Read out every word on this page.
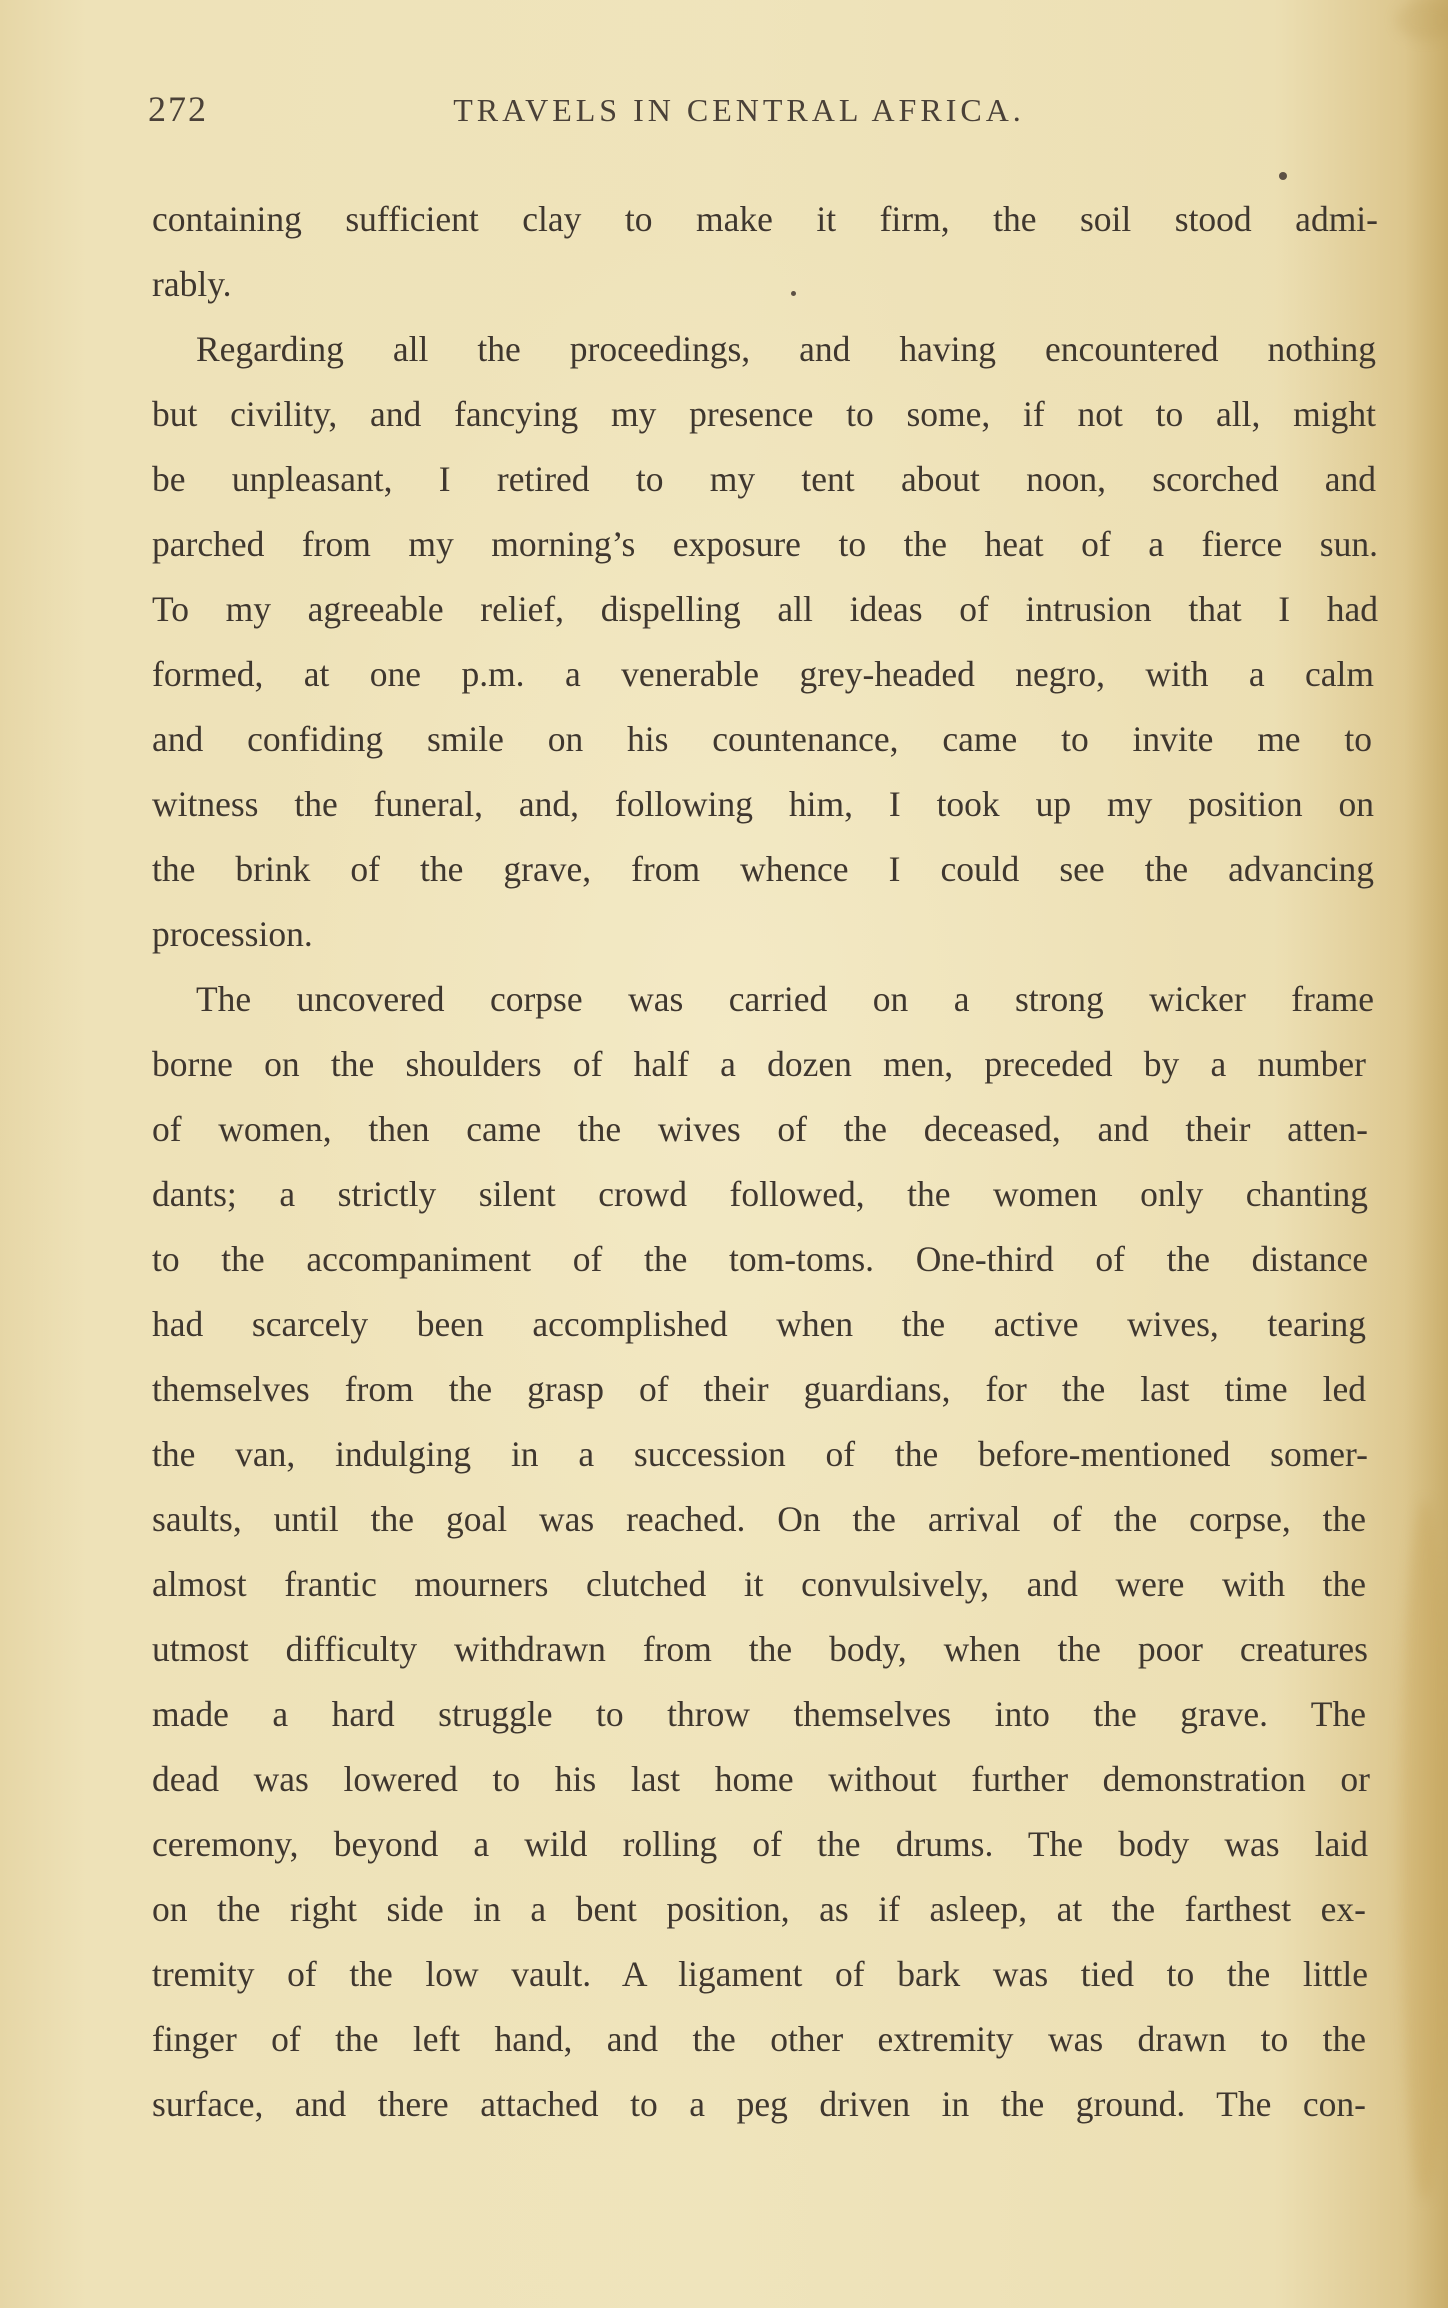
272	TRAVELS IN CENTRAL AFRICA.
containing sufficient clay to make it firm, the soil stood admi-
rably.
Regarding all the proceedings, and having encountered nothing
but civility, and fancying my presence to some, if not to all, might
be unpleasant, I retired to my tent about noon, scorched and
parched from my morning’s exposure to the heat of a fierce sun.
To my agreeable relief, dispelling all ideas of intrusion that I had
formed, at one p.m. a venerable grey-headed negro, with a calm
and confiding smile on his countenance, came to invite me to
witness the funeral, and, following him, I took up my position on
the brink of the grave, from whence I could see the advancing
procession.
The uncovered corpse was carried on a strong wicker frame
borne on the shoulders of half a dozen men, preceded by a number
of women, then came the wives of the deceased, and their atten-
dants; a strictly silent crowd followed, the women only chanting
to the accompaniment of the tom-toms. One-third of the distance
had scarcely been accomplished when the active wives, tearing
themselves from the grasp of their guardians, for the last time led
the van, indulging in a succession of the before-mentioned somer-
saults, until the goal was reached. On the arrival of the corpse, the
almost frantic mourners clutched it convulsively, and were with the
utmost difficulty withdrawn from the body, when the poor creatures
made a hard struggle to throw themselves into the grave. The
dead was lowered to his last home without further demonstration or
ceremony, beyond a wild rolling of the drums. The body was laid
on the right side in a bent position, as if asleep, at the farthest ex-
tremity of the low vault. A ligament of bark was tied to the little
finger of the left hand, and the other extremity was drawn to the
surface, and there attached to a peg driven in the ground. The con-
